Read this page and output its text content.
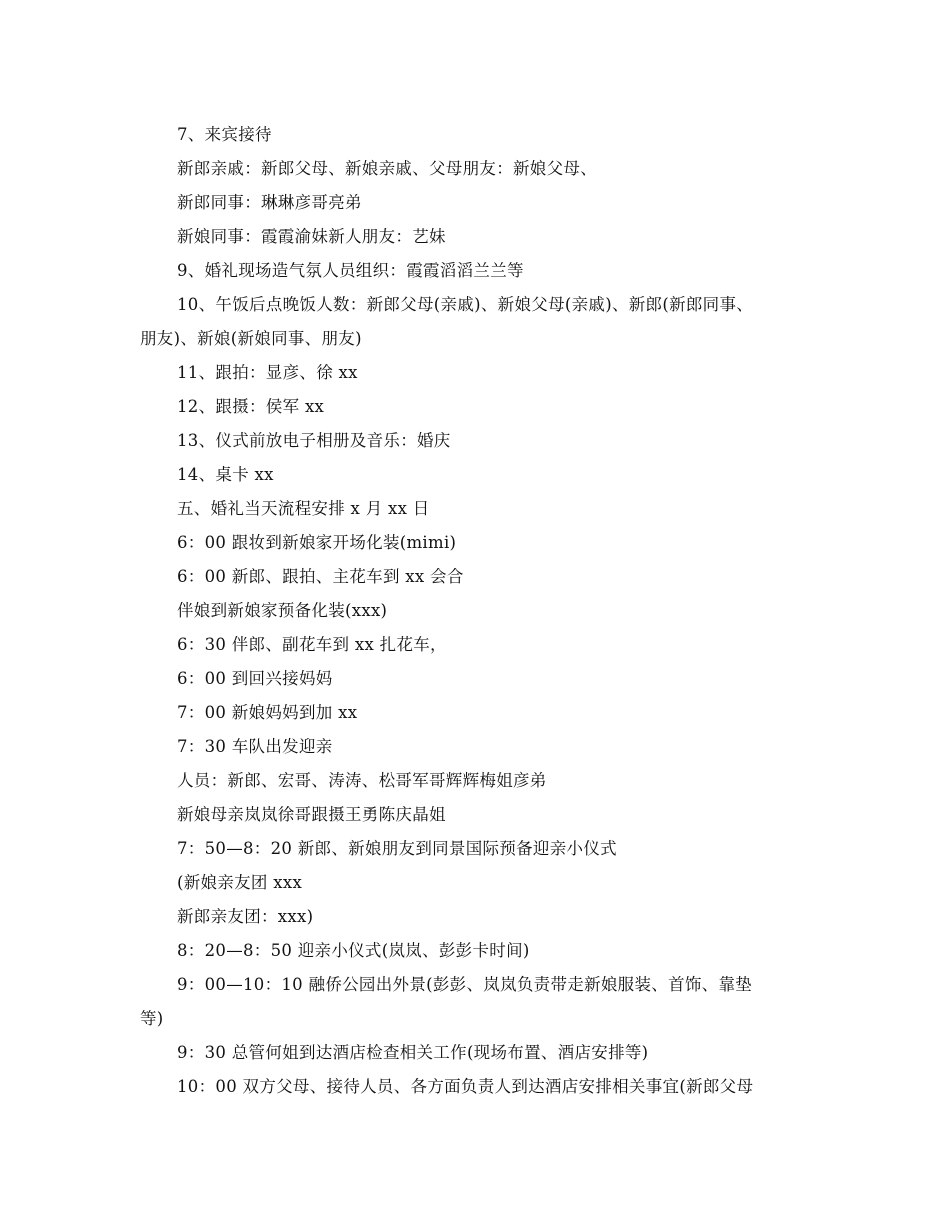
7、来宾接待
新郎亲戚：新郎父母、新娘亲戚、父母朋友：新娘父母、
新郎同事：琳琳彦哥亮弟
新娘同事：霞霞渝妹新人朋友：艺妹
9、婚礼现场造气氛人员组织：霞霞滔滔兰兰等
10、午饭后点晚饭人数：新郎父母(亲戚)、新娘父母(亲戚)、新郎(新郎同事、
朋友)、新娘(新娘同事、朋友)
11、跟拍：显彦、徐 xx
12、跟摄：侯军 xx
13、仪式前放电子相册及音乐：婚庆
14、桌卡 xx
五、婚礼当天流程安排 x 月 xx 日
6：00 跟妆到新娘家开场化装(mimi)
6：00 新郎、跟拍、主花车到 xx 会合
伴娘到新娘家预备化装(xxx)
6：30 伴郎、副花车到 xx 扎花车，
6：00 到回兴接妈妈
7：00 新娘妈妈到加 xx
7：30 车队出发迎亲
人员：新郎、宏哥、涛涛、松哥军哥辉辉梅姐彦弟
新娘母亲岚岚徐哥跟摄王勇陈庆晶姐
7：50—8：20 新郎、新娘朋友到同景国际预备迎亲小仪式
(新娘亲友团 xxx
新郎亲友团：xxx)
8：20—8：50 迎亲小仪式(岚岚、彭彭卡时间)
9：00—10：10 融侨公园出外景(彭彭、岚岚负责带走新娘服装、首饰、靠垫
等)
9：30 总管何姐到达酒店检查相关工作(现场布置、酒店安排等)
10：00 双方父母、接待人员、各方面负责人到达酒店安排相关事宜(新郎父母
